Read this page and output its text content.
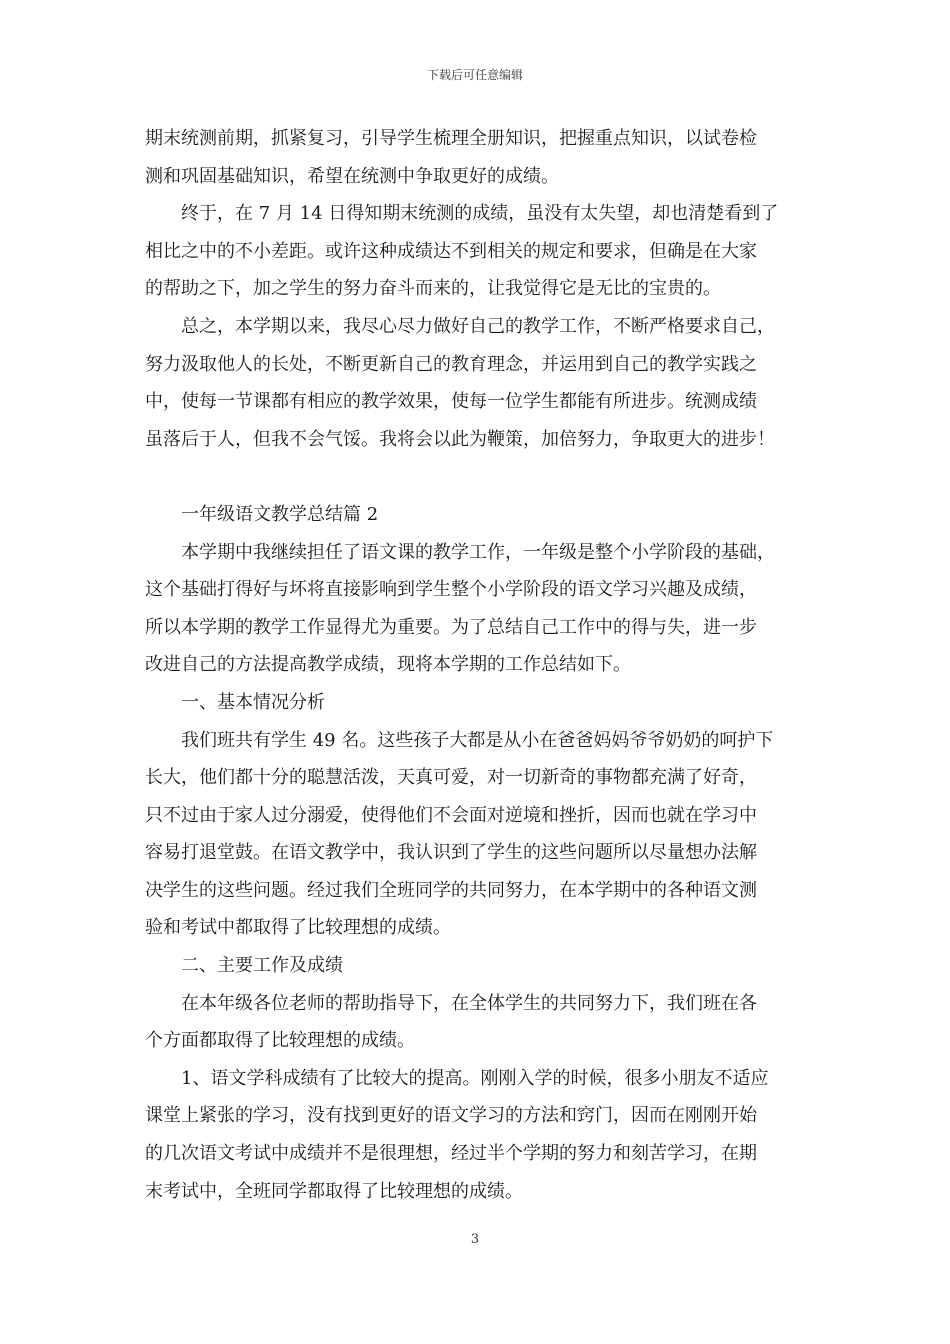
下载后可任意编辑
期末统测前期，抓紧复习，引导学生梳理全册知识，把握重点知识，以试卷检
测和巩固基础知识，希望在统测中争取更好的成绩。
终于，在 7 月 14 日得知期末统测的成绩，虽没有太失望，却也清楚看到了
相比之中的不小差距。或许这种成绩达不到相关的规定和要求，但确是在大家
的帮助之下，加之学生的努力奋斗而来的，让我觉得它是无比的宝贵的。
总之，本学期以来，我尽心尽力做好自己的教学工作，不断严格要求自己，
努力汲取他人的长处，不断更新自己的教育理念，并运用到自己的教学实践之
中，使每一节课都有相应的教学效果，使每一位学生都能有所进步。统测成绩
虽落后于人，但我不会气馁。我将会以此为鞭策，加倍努力，争取更大的进步！
一年级语文教学总结篇 2
本学期中我继续担任了语文课的教学工作，一年级是整个小学阶段的基础，
这个基础打得好与坏将直接影响到学生整个小学阶段的语文学习兴趣及成绩，
所以本学期的教学工作显得尤为重要。为了总结自己工作中的得与失，进一步
改进自己的方法提高教学成绩，现将本学期的工作总结如下。
一、基本情况分析
我们班共有学生 49 名。这些孩子大都是从小在爸爸妈妈爷爷奶奶的呵护下
长大，他们都十分的聪慧活泼，天真可爱，对一切新奇的事物都充满了好奇，
只不过由于家人过分溺爱，使得他们不会面对逆境和挫折，因而也就在学习中
容易打退堂鼓。在语文教学中，我认识到了学生的这些问题所以尽量想办法解
决学生的这些问题。经过我们全班同学的共同努力，在本学期中的各种语文测
验和考试中都取得了比较理想的成绩。
二、主要工作及成绩
在本年级各位老师的帮助指导下，在全体学生的共同努力下，我们班在各
个方面都取得了比较理想的成绩。
1、语文学科成绩有了比较大的提高。刚刚入学的时候，很多小朋友不适应
课堂上紧张的学习，没有找到更好的语文学习的方法和窍门，因而在刚刚开始
的几次语文考试中成绩并不是很理想，经过半个学期的努力和刻苦学习，在期
末考试中，全班同学都取得了比较理想的成绩。
3
